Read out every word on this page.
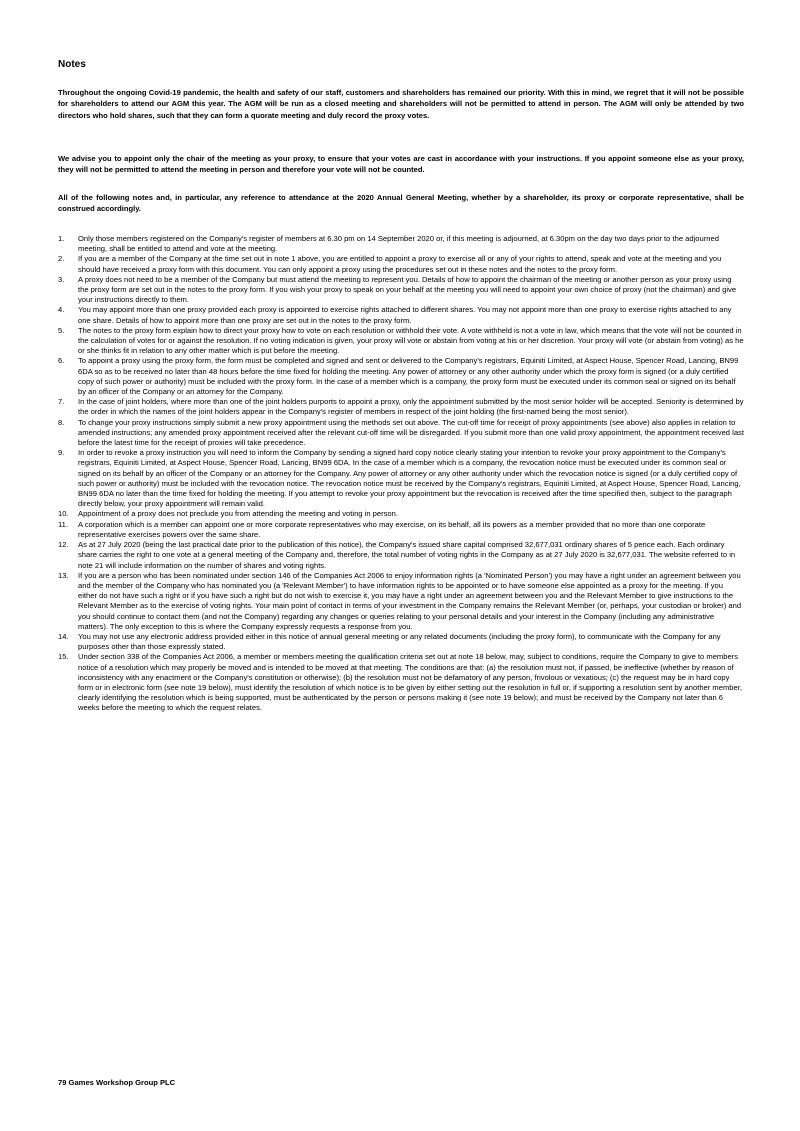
Notes

Throughout the ongoing Covid-19 pandemic, the health and safety of our staff, customers and shareholders has remained our priority. With this in mind, we regret that it will not be possible for shareholders to attend our AGM this year. The AGM will be run as a closed meeting and shareholders will not be permitted to attend in person. The AGM will only be attended by two directors who hold shares, such that they can form a quorate meeting and duly record the proxy votes.

We advise you to appoint only the chair of the meeting as your proxy, to ensure that your votes are cast in accordance with your instructions. If you appoint someone else as your proxy, they will not be permitted to attend the meeting in person and therefore your vote will not be counted.

All of the following notes and, in particular, any reference to attendance at the 2020 Annual General Meeting, whether by a shareholder, its proxy or corporate representative, shall be construed accordingly.

1. Only those members registered on the Company's register of members at 6.30 pm on 14 September 2020 or, if this meeting is adjourned, at 6.30pm on the day two days prior to the adjourned meeting, shall be entitled to attend and vote at the meeting.
2. If you are a member of the Company at the time set out in note 1 above, you are entitled to appoint a proxy to exercise all or any of your rights to attend, speak and vote at the meeting and you should have received a proxy form with this document. You can only appoint a proxy using the procedures set out in these notes and the notes to the proxy form.
3. A proxy does not need to be a member of the Company but must attend the meeting to represent you. Details of how to appoint the chairman of the meeting or another person as your proxy using the proxy form are set out in the notes to the proxy form. If you wish your proxy to speak on your behalf at the meeting you will need to appoint your own choice of proxy (not the chairman) and give your instructions directly to them.
4. You may appoint more than one proxy provided each proxy is appointed to exercise rights attached to different shares. You may not appoint more than one proxy to exercise rights attached to any one share. Details of how to appoint more than one proxy are set out in the notes to the proxy form.
5. The notes to the proxy form explain how to direct your proxy how to vote on each resolution or withhold their vote. A vote withheld is not a vote in law, which means that the vote will not be counted in the calculation of votes for or against the resolution. If no voting indication is given, your proxy will vote or abstain from voting at his or her discretion. Your proxy will vote (or abstain from voting) as he or she thinks fit in relation to any other matter which is put before the meeting.
6. To appoint a proxy using the proxy form, the form must be completed and signed and sent or delivered to the Company's registrars, Equiniti Limited, at Aspect House, Spencer Road, Lancing, BN99 6DA so as to be received no later than 48 hours before the time fixed for holding the meeting. Any power of attorney or any other authority under which the proxy form is signed (or a duly certified copy of such power or authority) must be included with the proxy form. In the case of a member which is a company, the proxy form must be executed under its common seal or signed on its behalf by an officer of the Company or an attorney for the Company.
7. In the case of joint holders, where more than one of the joint holders purports to appoint a proxy, only the appointment submitted by the most senior holder will be accepted. Seniority is determined by the order in which the names of the joint holders appear in the Company's register of members in respect of the joint holding (the first-named being the most senior).
8. To change your proxy instructions simply submit a new proxy appointment using the methods set out above. The cut-off time for receipt of proxy appointments (see above) also applies in relation to amended instructions; any amended proxy appointment received after the relevant cut-off time will be disregarded. If you submit more than one valid proxy appointment, the appointment received last before the latest time for the receipt of proxies will take precedence.
9. In order to revoke a proxy instruction you will need to inform the Company by sending a signed hard copy notice clearly stating your intention to revoke your proxy appointment to the Company's registrars, Equiniti Limited, at Aspect House, Spencer Road, Lancing, BN99 6DA. In the case of a member which is a company, the revocation notice must be executed under its common seal or signed on its behalf by an officer of the Company or an attorney for the Company. Any power of attorney or any other authority under which the revocation notice is signed (or a duly certified copy of such power or authority) must be included with the revocation notice. The revocation notice must be received by the Company's registrars, Equiniti Limited, at Aspect House, Spencer Road, Lancing, BN99 6DA no later than the time fixed for holding the meeting. If you attempt to revoke your proxy appointment but the revocation is received after the time specified then, subject to the paragraph directly below, your proxy appointment will remain valid.
10. Appointment of a proxy does not preclude you from attending the meeting and voting in person.
11. A corporation which is a member can appoint one or more corporate representatives who may exercise, on its behalf, all its powers as a member provided that no more than one corporate representative exercises powers over the same share.
12. As at 27 July 2020 (being the last practical date prior to the publication of this notice), the Company's issued share capital comprised 32,677,031 ordinary shares of 5 pence each. Each ordinary share carries the right to one vote at a general meeting of the Company and, therefore, the total number of voting rights in the Company as at 27 July 2020 is 32,677,031. The website referred to in note 21 will include information on the number of shares and voting rights.
13. If you are a person who has been nominated under section 146 of the Companies Act 2006 to enjoy information rights (a 'Nominated Person') you may have a right under an agreement between you and the member of the Company who has nominated you (a 'Relevant Member') to have information rights to be appointed or to have someone else appointed as a proxy for the meeting. If you either do not have such a right or if you have such a right but do not wish to exercise it, you may have a right under an agreement between you and the Relevant Member to give instructions to the Relevant Member as to the exercise of voting rights. Your main point of contact in terms of your investment in the Company remains the Relevant Member (or, perhaps, your custodian or broker) and you should continue to contact them (and not the Company) regarding any changes or queries relating to your personal details and your interest in the Company (including any administrative matters). The only exception to this is where the Company expressly requests a response from you.
14. You may not use any electronic address provided either in this notice of annual general meeting or any related documents (including the proxy form), to communicate with the Company for any purposes other than those expressly stated.
15. Under section 338 of the Companies Act 2006, a member or members meeting the qualification criteria set out at note 18 below, may, subject to conditions, require the Company to give to members notice of a resolution which may properly be moved and is intended to be moved at that meeting. The conditions are that: (a) the resolution must not, if passed, be ineffective (whether by reason of inconsistency with any enactment or the Company's constitution or otherwise); (b) the resolution must not be defamatory of any person, frivolous or vexatious; (c) the request may be in hard copy form or in electronic form (see note 19 below), must identify the resolution of which notice is to be given by either setting out the resolution in full or, if supporting a resolution sent by another member, clearly identifying the resolution which is being supported, must be authenticated by the person or persons making it (see note 19 below); and must be received by the Company not later than 6 weeks before the meeting to which the request relates.
79 Games Workshop Group PLC
